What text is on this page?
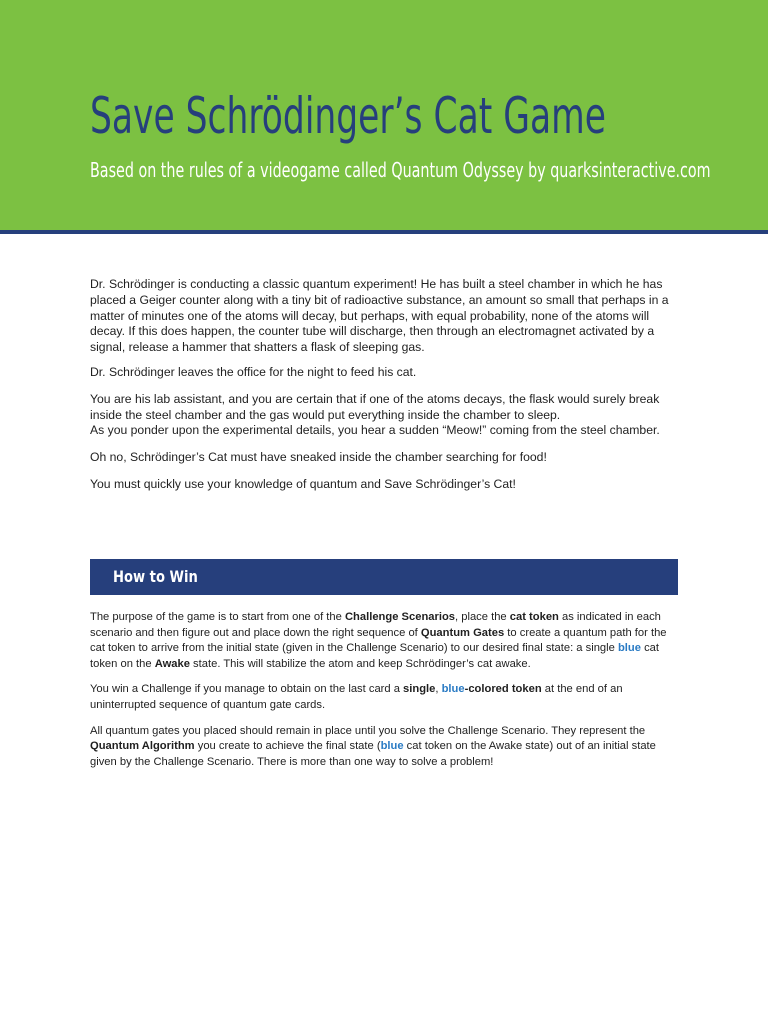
Save Schrödinger’s Cat Game

Based on the rules of a videogame called Quantum Odyssey by quarksinteractive.com

Dr. Schrödinger is conducting a classic quantum experiment! He has built a steel chamber in which he has placed a Geiger counter along with a tiny bit of radioactive substance, an amount so small that perhaps in a matter of minutes one of the atoms will decay, but perhaps, with equal probability, none of the atoms will decay. If this does happen, the counter tube will discharge, then through an electromagnet activated by a signal, release a hammer that shatters a flask of sleeping gas.

Dr. Schrödinger leaves the office for the night to feed his cat.

You are his lab assistant, and you are certain that if one of the atoms decays, the flask would surely break inside the steel chamber and the gas would put everything inside the chamber to sleep.

As you ponder upon the experimental details, you hear a sudden “Meow!” coming from the steel chamber.

Oh no, Schrödinger’s Cat must have sneaked inside the chamber searching for food!

You must quickly use your knowledge of quantum and Save Schrödinger’s Cat!

How to Win

The purpose of the game is to start from one of the Challenge Scenarios, place the cat token as indicated in each scenario and then figure out and place down the right sequence of Quantum Gates to create a quantum path for the cat token to arrive from the initial state (given in the Challenge Scenario) to our desired final state: a single blue cat token on the Awake state. This will stabilize the atom and keep Schrödinger’s cat awake.

You win a Challenge if you manage to obtain on the last card a single, blue-colored token at the end of an uninterrupted sequence of quantum gate cards.

All quantum gates you placed should remain in place until you solve the Challenge Scenario. They represent the Quantum Algorithm you create to achieve the final state (blue cat token on the Awake state) out of an initial state given by the Challenge Scenario. There is more than one way to solve a problem!
